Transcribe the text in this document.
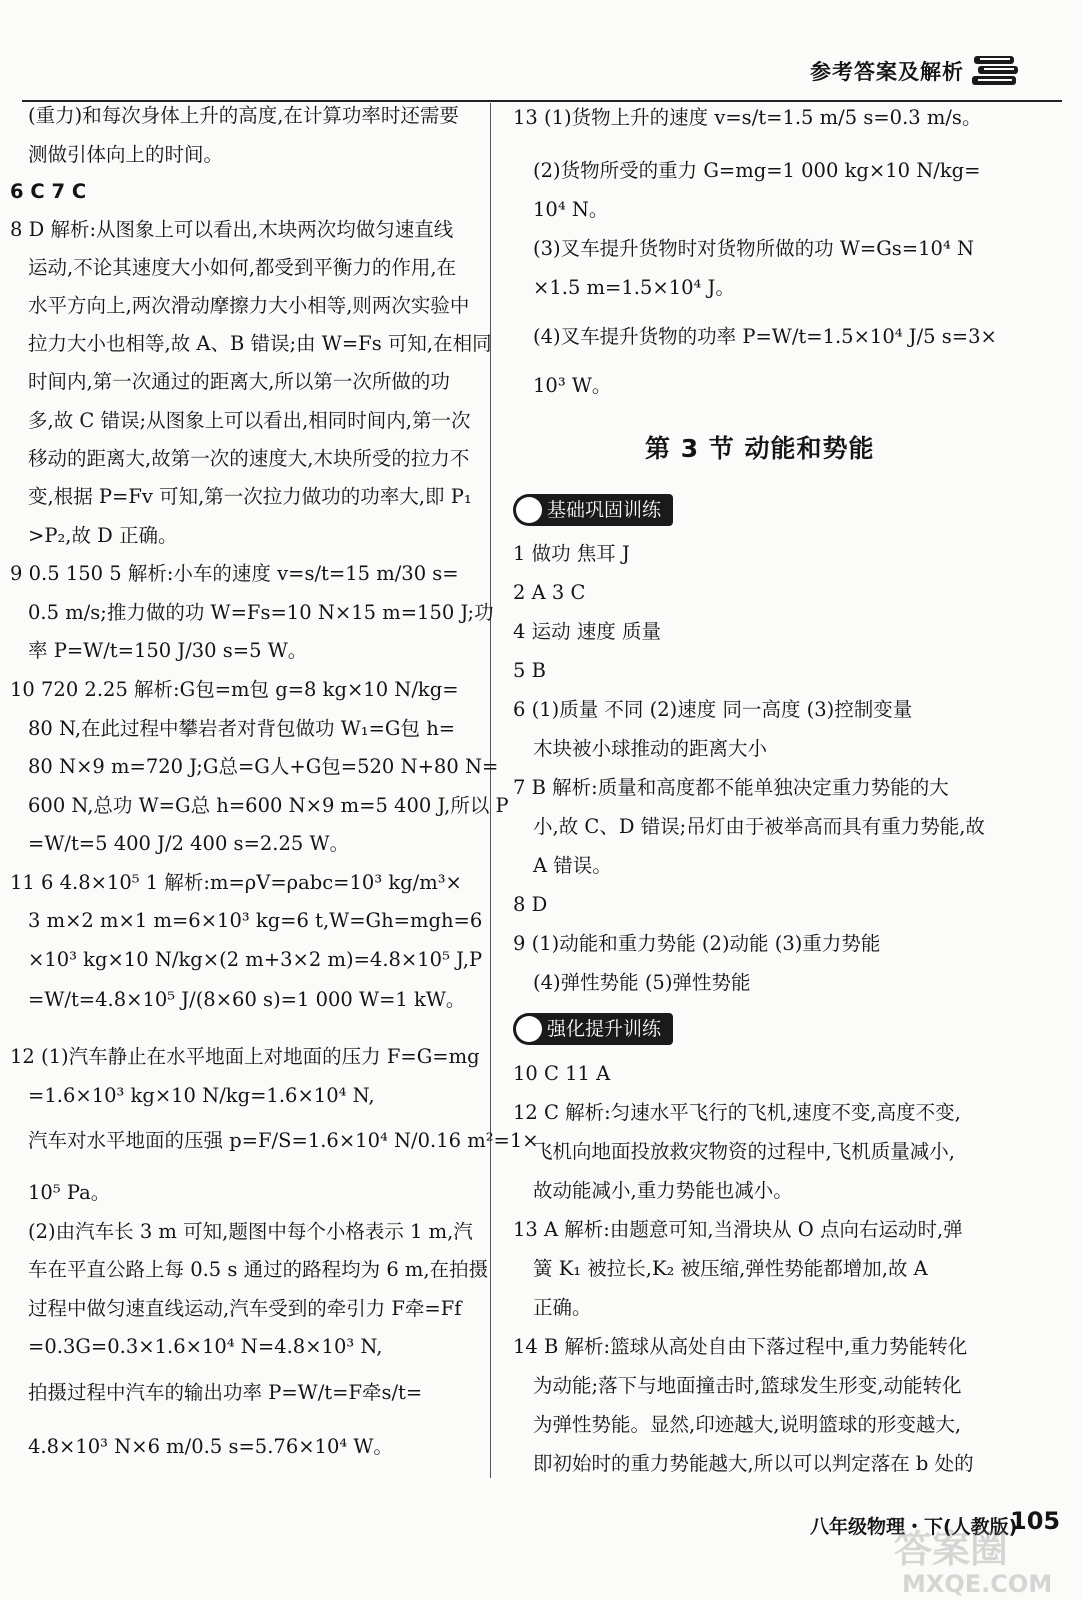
参考答案及解析
(重力)和每次身体上升的高度,在计算功率时还需要
测做引体向上的时间。
6 C 7 C
8 D 解析:从图象上可以看出,木块两次均做匀速直线
运动,不论其速度大小如何,都受到平衡力的作用,在
水平方向上,两次滑动摩擦力大小相等,则两次实验中
拉力大小也相等,故 A、B 错误;由 W=Fs 可知,在相同
时间内,第一次通过的距离大,所以第一次所做的功
多,故 C 错误;从图象上可以看出,相同时间内,第一次
移动的距离大,故第一次的速度大,木块所受的拉力不
变,根据 P=Fv 可知,第一次拉力做功的功率大,即 P₁
>P₂,故 D 正确。
9 0.5 150 5 解析:小车的速度 v=s/t=15 m/30 s=
0.5 m/s;推力做的功 W=Fs=10 N×15 m=150 J;功
率 P=W/t=150 J/30 s=5 W。
10 720 2.25 解析:G包=m包 g=8 kg×10 N/kg=
80 N,在此过程中攀岩者对背包做功 W₁=G包 h=
80 N×9 m=720 J;G总=G人+G包=520 N+80 N=
600 N,总功 W=G总 h=600 N×9 m=5 400 J,所以 P
=W/t=5 400 J/2 400 s=2.25 W。
11 6 4.8×10⁵ 1 解析:m=ρV=ρabc=10³ kg/m³×
3 m×2 m×1 m=6×10³ kg=6 t,W=Gh=mgh=6
×10³ kg×10 N/kg×(2 m+3×2 m)=4.8×10⁵ J,P
=W/t=4.8×10⁵ J/(8×60 s)=1 000 W=1 kW。
12 (1)汽车静止在水平地面上对地面的压力 F=G=mg
=1.6×10³ kg×10 N/kg=1.6×10⁴ N,
汽车对水平地面的压强 p=F/S=1.6×10⁴ N/0.16 m²=1×
10⁵ Pa。
(2)由汽车长 3 m 可知,题图中每个小格表示 1 m,汽
车在平直公路上每 0.5 s 通过的路程均为 6 m,在拍摄
过程中做匀速直线运动,汽车受到的牵引力 F牵=Ff
=0.3G=0.3×1.6×10⁴ N=4.8×10³ N,
拍摄过程中汽车的输出功率 P=W/t=F牵s/t=
4.8×10³ N×6 m/0.5 s=5.76×10⁴ W。
13 (1)货物上升的速度 v=s/t=1.5 m/5 s=0.3 m/s。
(2)货物所受的重力 G=mg=1 000 kg×10 N/kg=
10⁴ N。
(3)叉车提升货物时对货物所做的功 W=Gs=10⁴ N
×1.5 m=1.5×10⁴ J。
(4)叉车提升货物的功率 P=W/t=1.5×10⁴ J/5 s=3×
10³ W。
第 3 节 动能和势能
基础巩固训练
1 做功 焦耳 J
2 A 3 C
4 运动 速度 质量
5 B
6 (1)质量 不同 (2)速度 同一高度 (3)控制变量
木块被小球推动的距离大小
7 B 解析:质量和高度都不能单独决定重力势能的大
小,故 C、D 错误;吊灯由于被举高而具有重力势能,故
A 错误。
8 D
9 (1)动能和重力势能 (2)动能 (3)重力势能
(4)弹性势能 (5)弹性势能
强化提升训练
10 C 11 A
12 C 解析:匀速水平飞行的飞机,速度不变,高度不变,
飞机向地面投放救灾物资的过程中,飞机质量减小,
故动能减小,重力势能也减小。
13 A 解析:由题意可知,当滑块从 O 点向右运动时,弹
簧 K₁ 被拉长,K₂ 被压缩,弹性势能都增加,故 A
正确。
14 B 解析:篮球从高处自由下落过程中,重力势能转化
为动能;落下与地面撞击时,篮球发生形变,动能转化
为弹性势能。显然,印迹越大,说明篮球的形变越大,
即初始时的重力势能越大,所以可以判定落在 b 处的
八年级物理・下(人教版)
105
答案圈
MXQE.COM
